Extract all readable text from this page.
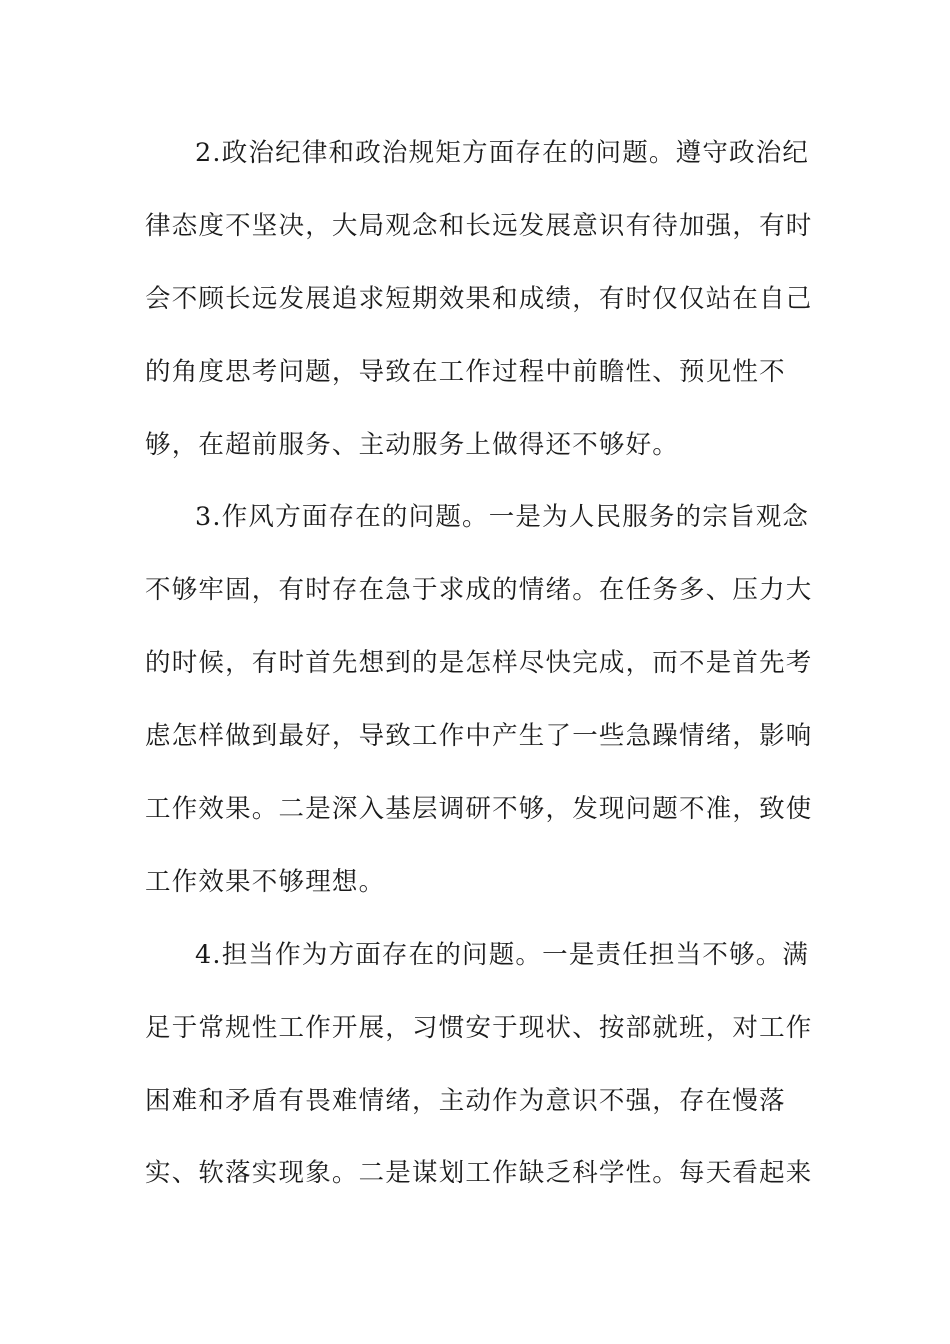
2.政治纪律和政治规矩方面存在的问题。遵守政治纪
律态度不坚决，大局观念和长远发展意识有待加强，有时
会不顾长远发展追求短期效果和成绩，有时仅仅站在自己
的角度思考问题，导致在工作过程中前瞻性、预见性不
够，在超前服务、主动服务上做得还不够好。
3.作风方面存在的问题。一是为人民服务的宗旨观念
不够牢固，有时存在急于求成的情绪。在任务多、压力大
的时候，有时首先想到的是怎样尽快完成，而不是首先考
虑怎样做到最好，导致工作中产生了一些急躁情绪，影响
工作效果。二是深入基层调研不够，发现问题不准，致使
工作效果不够理想。
4.担当作为方面存在的问题。一是责任担当不够。满
足于常规性工作开展，习惯安于现状、按部就班，对工作
困难和矛盾有畏难情绪，主动作为意识不强，存在慢落
实、软落实现象。二是谋划工作缺乏科学性。每天看起来
